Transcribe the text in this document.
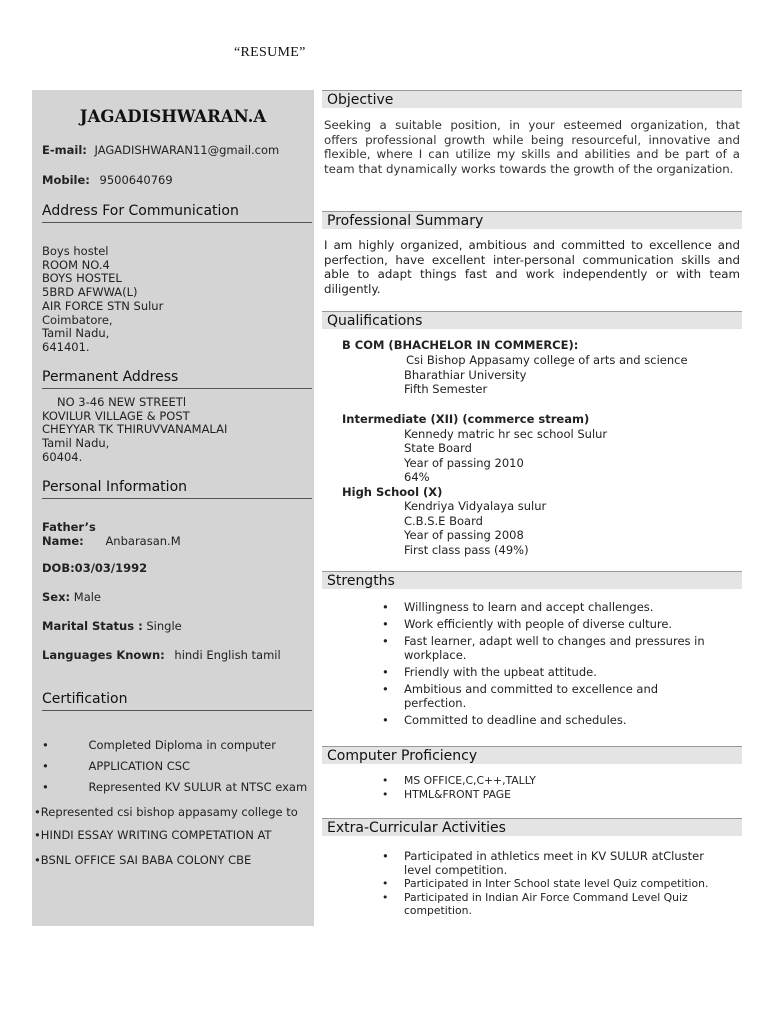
“RESUME”
JAGADISHWARAN.A
E-mail: JAGADISHWARAN11@gmail.com
Mobile: 9500640769
Address For Communication
Boys hostel
ROOM NO.4
BOYS HOSTEL
5BRD AFWWA(L)
AIR FORCE STN Sulur
Coimbatore,
Tamil Nadu,
641401.
Permanent Address
NO 3-46 NEW STREETl
KOVILUR VILLAGE & POST
CHEYYAR TK THIRUVVANAMALAI
Tamil Nadu,
60404.
Personal Information
Father’s
Name: Anbarasan.M
DOB:03/03/1992
Sex: Male
Marital Status : Single
Languages Known: hindi English tamil
Certification
•	Completed Diploma in computer
•	APPLICATION CSC
•	Represented KV SULUR at NTSC exam
•Represented csi bishop appasamy college to
•HINDI ESSAY WRITING COMPETATION AT
•BSNL OFFICE SAI BABA COLONY CBE
Objective
Seeking a suitable position, in your esteemed organization, that offers professional growth while being resourceful, innovative and flexible, where I can utilize my skills and abilities and be part of a team that dynamically works towards the growth of the organization.
Professional Summary
I am highly organized, ambitious and committed to excellence and perfection, have excellent inter-personal communication skills and able to adapt things fast and work independently or with team diligently.
Qualifications
B COM (BHACHELOR IN COMMERCE):
Csi Bishop Appasamy college of arts and science
Bharathiar University
Fifth Semester
Intermediate (XII) (commerce stream)
Kennedy matric hr sec school Sulur
State Board
Year of passing 2010
64%
High School (X)
Kendriya Vidyalaya sulur
C.B.S.E Board
Year of passing 2008
First class pass (49%)
Strengths
• Willingness to learn and accept challenges.
• Work efficiently with people of diverse culture.
• Fast learner, adapt well to changes and pressures in workplace.
• Friendly with the upbeat attitude.
• Ambitious and committed to excellence and perfection.
• Committed to deadline and schedules.
Computer Proficiency
• MS OFFICE,C,C++,TALLY
• HTML&FRONT PAGE
Extra-Curricular Activities
• Participated in athletics meet in KV SULUR atCluster level competition.
• Participated in Inter School state level Quiz competition.
• Participated in Indian Air Force Command Level Quiz competition.
